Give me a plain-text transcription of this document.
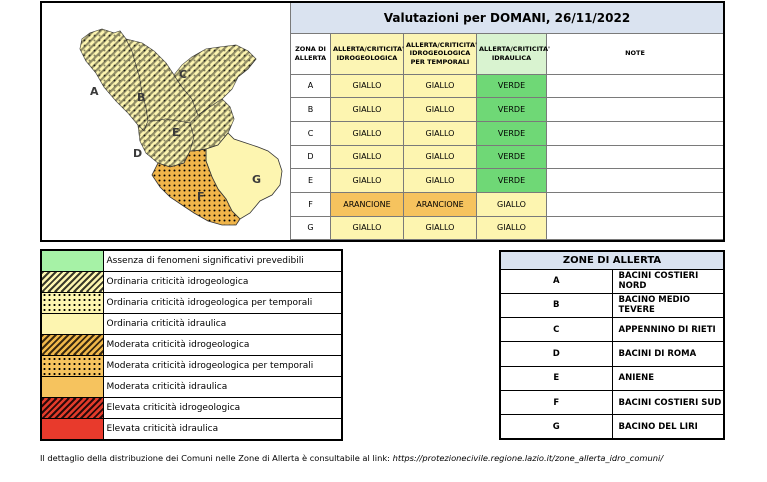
A	B
C
D
E
F
G
Valutazioni per DOMANI, 26/11/2022				
ZONA DI ALLERTA	ALLERTA/CRITICITA' IDROGEOLOGICA	ALLERTA/CRITICITA' IDROGEOLOGICA PER TEMPORALI	ALLERTA/CRITICITA' IDRAULICA	NOTE
A	GIALLO	GIALLO	VERDE	
B	GIALLO	GIALLO	VERDE	
C	GIALLO	GIALLO	VERDE	
D	GIALLO	GIALLO	VERDE	
E	GIALLO	GIALLO	VERDE	
F	ARANCIONE	ARANCIONE	GIALLO	
G	GIALLO	GIALLO	GIALLO	
	Assenza di fenomeni significativi prevedibili
	Ordinaria criticità idrogeologica
	Ordinaria criticità idrogeologica per temporali
	Ordinaria criticità idraulica
	Moderata criticità idrogeologica
	Moderata criticità idrogeologica per temporali
	Moderata criticità idraulica
	Elevata criticità idrogeologica
	Elevata criticità idraulica
ZONE DI ALLERTA	
A	BACINI COSTIERI NORD
B	BACINO MEDIO TEVERE
C	APPENNINO DI RIETI
D	BACINI DI ROMA
E	ANIENE
F	BACINI COSTIERI SUD
G	BACINO DEL LIRI
Il dettaglio della distribuzione dei Comuni nelle Zone di Allerta è consultabile al link: https://protezionecivile.regione.lazio.it/zone_allerta_idro_comuni/
